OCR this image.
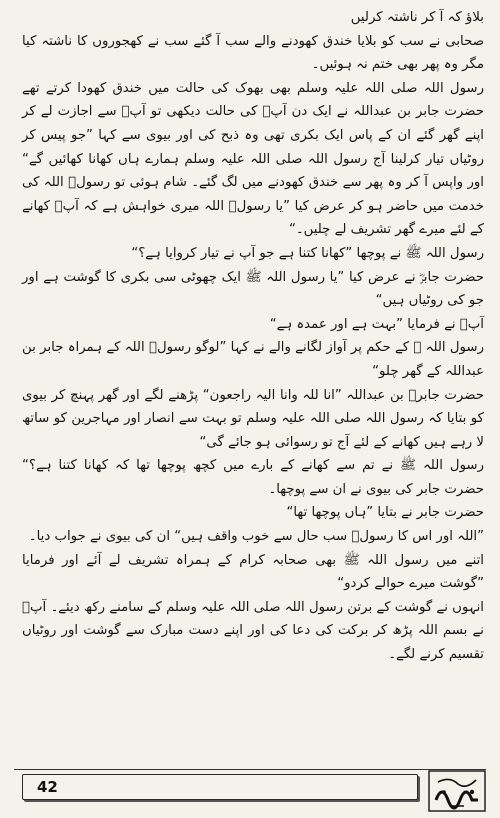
بلاؤ کہ آ کر ناشتہ کرلیں

صحابی نے سب کو بلایا خندق کھودنے والے سب آ گئے سب نے کھجوروں کا ناشتہ کیا مگر وہ پھر بھی ختم نہ ہوئیں۔

رسول اللہ صلی اللہ علیہ وسلم بھی بھوک کی حالت میں خندق کھودا کرتے تھے حضرت جابر بن عبداللہ نے ایک دن آپؐ کی حالت دیکھی تو آپؐ سے اجازت لے کر اپنے گھر گئے ان کے پاس ایک بکری تھی وہ ذبح کی اور بیوی سے کہا ”جو پیس کر روٹیاں تیار کرلینا آج رسول اللہ صلی اللہ علیہ وسلم ہمارے ہاں کھانا کھائیں گے“ اور واپس آ کر وہ پھر سے خندق کھودنے میں لگ گئے۔ شام ہوئی تو رسولؐ اللہ کی خدمت میں حاضر ہو کر عرض کیا ”یا رسولؐ اللہ میری خواہش ہے کہ آپؐ کھانے کے لئے میرے گھر تشریف لے چلیں۔“

رسول اللہ ﷺ نے پوچھا ”کھانا کتنا ہے جو آپ نے تیار کروایا ہے؟“

حضرت جابرؓ نے عرض کیا ”یا رسول اللہ ﷺ ایک چھوٹی سی بکری کا گوشت ہے اور جو کی روٹیاں ہیں“

آپؐ نے فرمایا ”بہت ہے اور عمدہ ہے“

رسول اللہ ﷺ کے حکم پر آواز لگانے والے نے کہا ”لوگو رسولؐ اللہ کے ہمراہ جابر بن عبداللہ کے گھر چلو“

حضرت جابرؓ بن عبداللہ ”انا للہ وانا الیہ راجعون“ پڑھنے لگے اور گھر پہنچ کر بیوی کو بتایا کہ رسول اللہ صلی اللہ علیہ وسلم تو بہت سے انصار اور مہاجرین کو ساتھ لا رہے ہیں کھانے کے لئے آج تو رسوائی ہو جائے گی“

رسول اللہ ﷺ نے تم سے کھانے کے بارے میں کچھ پوچھا تھا کہ کھانا کتنا ہے؟“ حضرت جابر کی بیوی نے ان سے پوچھا۔

حضرت جابر نے بتایا ”ہاں پوچھا تھا“

”اللہ اور اس کا رسولؐ سب حال سے خوب واقف ہیں“ ان کی بیوی نے جواب دیا۔

اتنے میں رسول اللہ ﷺ بھی صحابہ کرام کے ہمراہ تشریف لے آئے اور فرمایا ”گوشت میرے حوالے کردو“

انہوں نے گوشت کے برتن رسول اللہ صلی اللہ علیہ وسلم کے سامنے رکھ دیئے۔ آپؐ نے بسم اللہ پڑھ کر برکت کی دعا کی اور اپنے دست مبارک سے گوشت اور روٹیاں تقسیم کرنے لگے۔

42
